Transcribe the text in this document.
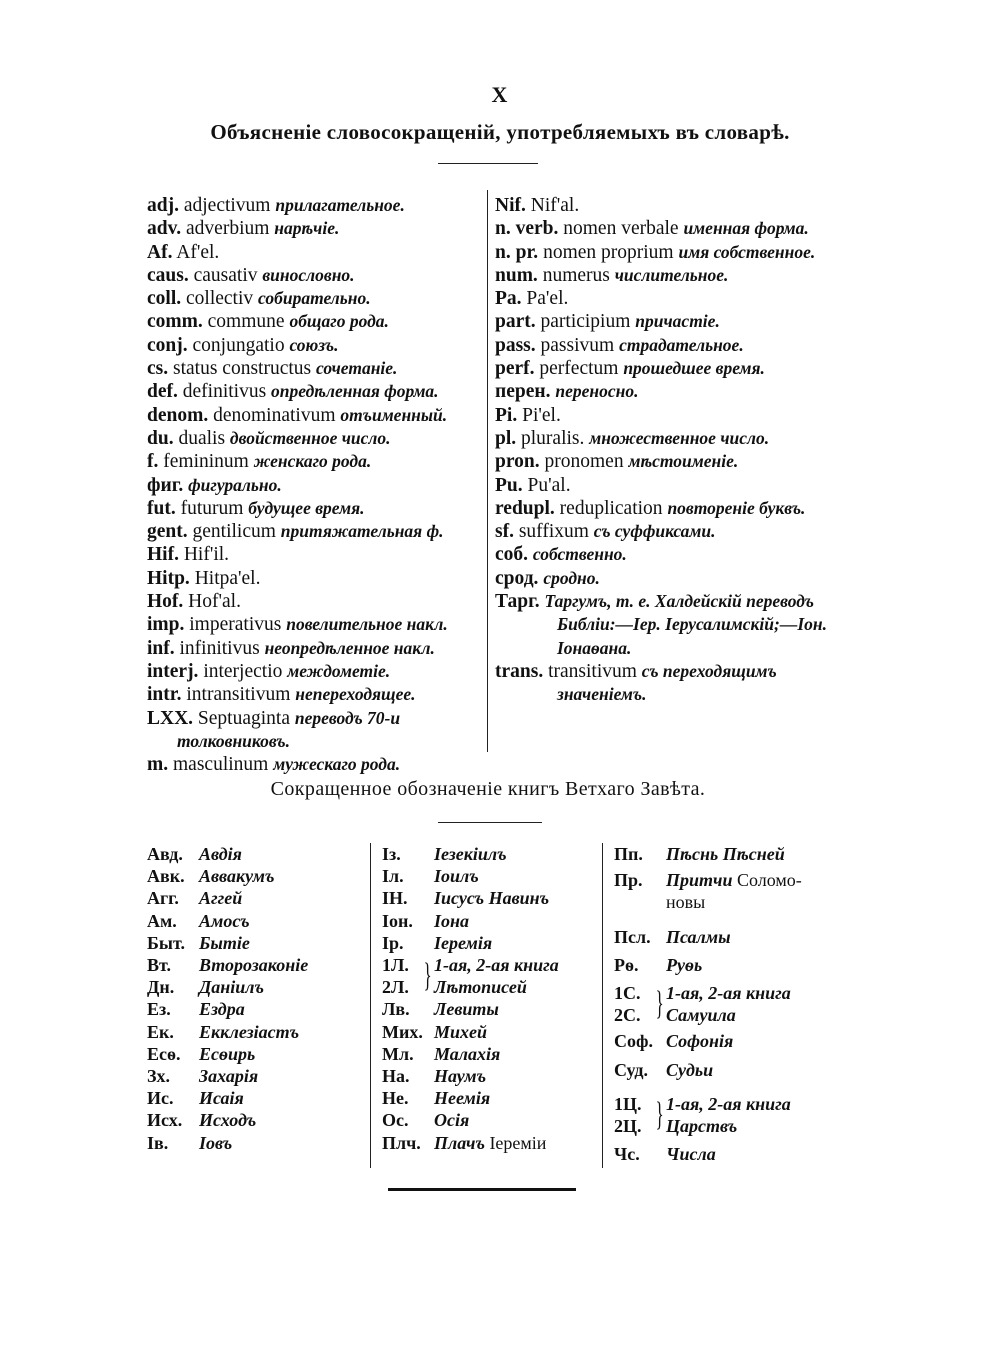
X
Объясненіе словосокращеній, употребляемыхъ въ словарѣ.
adj. adjectivum прилагательное.
adv. adverbium нарѣчіе.
Af. Af'el.
caus. causativ винословно.
coll. collectiv собирательно.
comm. commune общаго рода.
conj. conjungatio союзъ.
cs. status constructus сочетаніе.
def. definitivus опредѣленная форма.
denom. denominativum отъименный.
du. dualis двойственное число.
f. femininum женскаго рода.
фиг. фигурально.
fut. futurum будущее время.
gent. gentilicum притяжательная ф.
Hif. Hif'il.
Hitp. Hitpa'el.
Hof. Hof'al.
imp. imperativus повелительное накл.
inf. infinitivus неопредѣленное накл.
interj. interjectio междометіе.
intr. intransitivum непереходящее.
LXX. Septuaginta переводъ 70-и толковниковъ.
m. masculinum мужескаго рода.
Nif. Nif'al.
n. verb. nomen verbale именная форма.
n. pr. nomen proprium имя собственное.
num. numerus числительное.
Pa. Pa'el.
part. participium причастіе.
pass. passivum страдательное.
perf. perfectum прошедшее время.
перен. переносно.
Pi. Pi'el.
pl. pluralis. множественное число.
pron. pronomen мѣстоименіе.
Pu. Pu'al.
redupl. reduplication повтореніе буквъ.
sf. suffixum съ суффиксами.
соб. собственно.
срод. сродно.
Тарг. Таргумъ, т. е. Халдейскій переводъ Библіи:—Іер. Іерусалимскій;—Іон. Іонаѳана.
trans. transitivum съ переходящимъ значеніемъ.
Сокращенное обозначеніе книгъ Ветхаго Завѣта.
Авд. Авдія
Авк. Аввакумъ
Агг.	Аггей
Ам.	Амосъ
Быт. Бытіе
Вт.	Второзаконіе
Дн.	Даніилъ
Ез.	Ездра
Ек.	Екклезіастъ
Есѳ.	Есѳирь
Зх.	Захарія
Ис.	Исаія
Исх. Исходъ
Ів.	Іовъ
Із.	Іезекіилъ
Іл.	Іоилъ
ІН.	Іисусъ Навинъ
Іон.	Іона
Ір.	Іеремія
1Л.
2Л. } 1-ая, 2-ая книга
Лѣтописей
Лв.	Левиты
Мих. Михей
Мл.	Малахія
На.	Наумъ
Не.	Неемія
Ос.	Осія
Плч. Плачъ
Іереміи
Пп.	Пѣснь Пѣсней
Пр.	Притчи Соломо-
новы
Псл. Псалмы
Рѳ.	Руѳь
1С.
2С. } 1-ая, 2-ая книга
Самуила
Соф. Софонія
Суд. Судьи
1Ц.
2Ц. } 1-ая, 2-ая книга
Царствъ
Чс.	Числа
